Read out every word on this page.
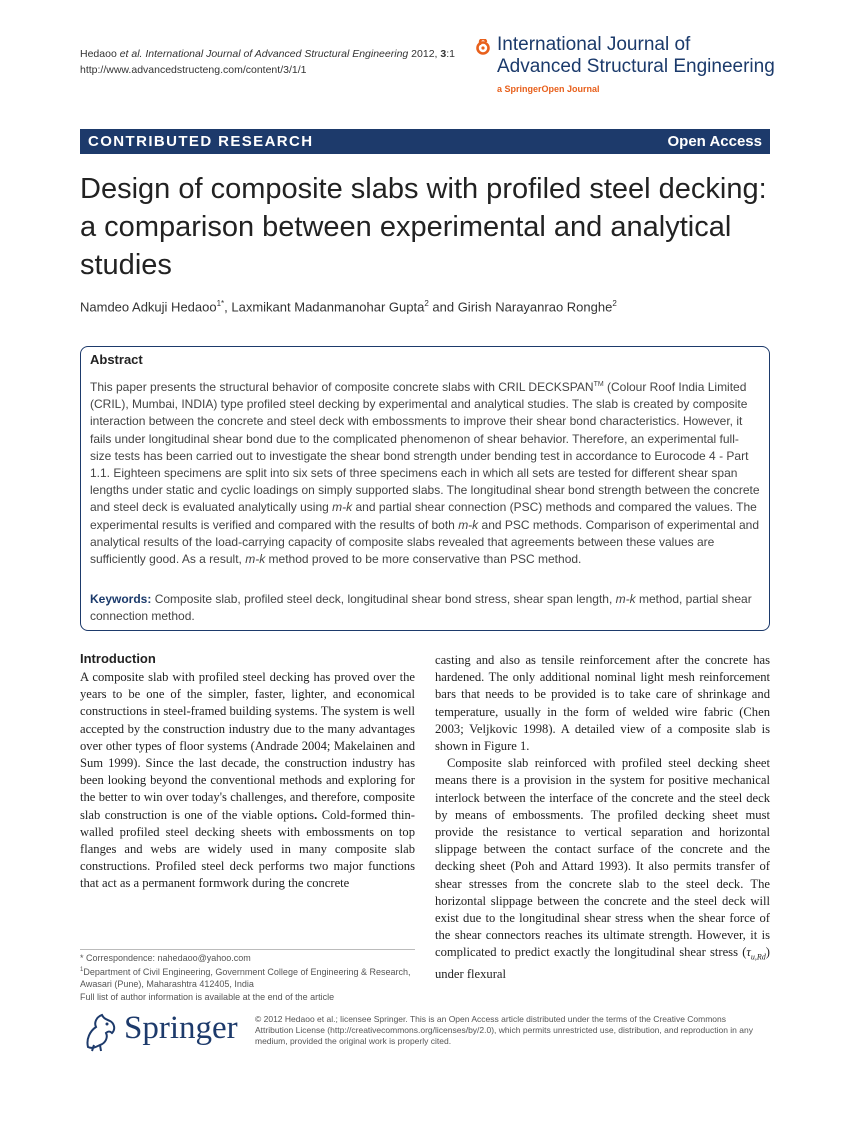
Hedaoo et al. International Journal of Advanced Structural Engineering 2012, 3:1
http://www.advancedstructeng.com/content/3/1/1
International Journal of
Advanced Structural Engineering
a SpringerOpen Journal
CONTRIBUTED RESEARCH	Open Access
Design of composite slabs with profiled steel decking: a comparison between experimental and analytical studies
Namdeo Adkuji Hedaoo$^{1*}$, Laxmikant Madanmanohar Gupta$^2$ and Girish Narayanrao Ronghe$^2$
Abstract
This paper presents the structural behavior of composite concrete slabs with CRIL DECKSPAN™ (Colour Roof India Limited (CRIL), Mumbai, INDIA) type profiled steel decking by experimental and analytical studies. The slab is created by composite interaction between the concrete and steel deck with embossments to improve their shear bond characteristics. However, it fails under longitudinal shear bond due to the complicated phenomenon of shear behavior. Therefore, an experimental full-size tests has been carried out to investigate the shear bond strength under bending test in accordance to Eurocode 4 - Part 1.1. Eighteen specimens are split into six sets of three specimens each in which all sets are tested for different shear span lengths under static and cyclic loadings on simply supported slabs. The longitudinal shear bond strength between the concrete and steel deck is evaluated analytically using m-k and partial shear connection (PSC) methods and compared the values. The experimental results is verified and compared with the results of both m-k and PSC methods. Comparison of experimental and analytical results of the load-carrying capacity of composite slabs revealed that agreements between these values are sufficiently good. As a result, m-k method proved to be more conservative than PSC method.
Keywords: Composite slab, profiled steel deck, longitudinal shear bond stress, shear span length, m-k method, partial shear connection method.
Introduction

A composite slab with profiled steel decking has proved over the years to be one of the simpler, faster, lighter, and economical constructions in steel-framed building systems. The system is well accepted by the construction industry due to the many advantages over other types of floor systems (Andrade 2004; Makelainen and Sum 1999). Since the last decade, the construction industry has been looking beyond the conventional methods and exploring for the better to win over today's challenges, and therefore, composite slab construction is one of the viable options. Cold-formed thin-walled profiled steel decking sheets with embossments on top flanges and webs are widely used in many composite slab constructions. Profiled steel deck performs two major functions that act as a permanent formwork during the concrete

casting and also as tensile reinforcement after the concrete has hardened. The only additional nominal light mesh reinforcement bars that needs to be provided is to take care of shrinkage and temperature, usually in the form of welded wire fabric (Chen 2003; Veljkovic 1998). A detailed view of a composite slab is shown in Figure 1.

Composite slab reinforced with profiled steel decking sheet means there is a provision in the system for positive mechanical interlock between the interface of the concrete and the steel deck by means of embossments. The profiled decking sheet must provide the resistance to vertical separation and horizontal slippage between the contact surface of the concrete and the decking sheet (Poh and Attard 1993). It also permits transfer of shear stresses from the concrete slab to the steel deck. The horizontal slippage between the concrete and the steel deck will exist due to the longitudinal shear stress when the shear force of the shear connectors reaches its ultimate strength. However, it is complicated to predict exactly the longitudinal shear stress $(\tau_{u,Rd})$ under flexural

* Correspondence: nahedaoo@yahoo.com
$^1$Department of Civil Engineering, Government College of Engineering & Research, Awasari (Pune), Maharashtra 412405, India
Full list of author information is available at the end of the article
Springer © 2012 Hedaoo et al.; licensee Springer. This is an Open Access article distributed under the terms of the Creative Commons Attribution License (http://creativecommons.org/licenses/by/2.0), which permits unrestricted use, distribution, and reproduction in any medium, provided the original work is properly cited.
